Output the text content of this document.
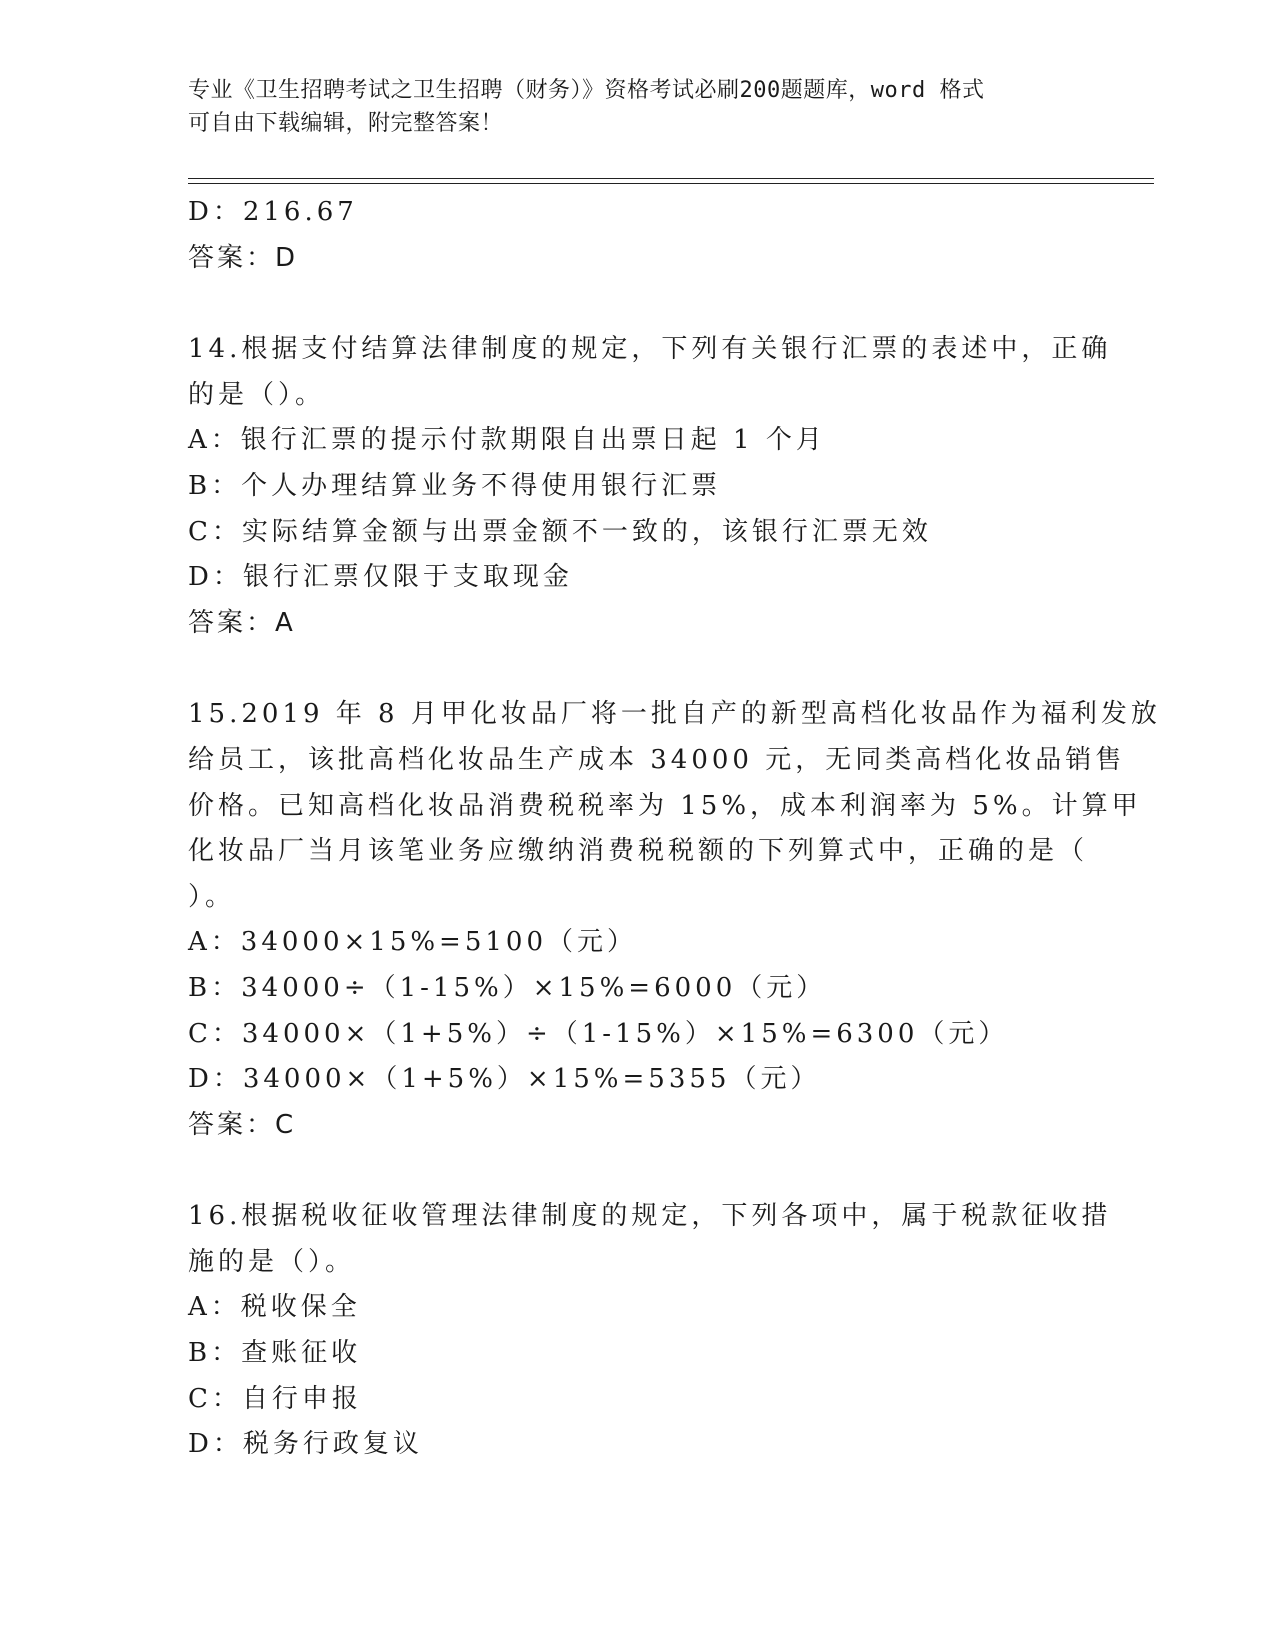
专业《卫生招聘考试之卫生招聘（财务）》资格考试必刷200题题库，word 格式
可自由下载编辑，附完整答案！
D：216.67
答案：D
14.根据支付结算法律制度的规定，下列有关银行汇票的表述中，正确
的是（）。
A：银行汇票的提示付款期限自出票日起 1 个月
B：个人办理结算业务不得使用银行汇票
C：实际结算金额与出票金额不一致的，该银行汇票无效
D：银行汇票仅限于支取现金
答案：A
15.2019 年 8 月甲化妆品厂将一批自产的新型高档化妆品作为福利发放
给员工，该批高档化妆品生产成本 34000 元，无同类高档化妆品销售
价格。已知高档化妆品消费税税率为 15%，成本利润率为 5%。计算甲
化妆品厂当月该笔业务应缴纳消费税税额的下列算式中，正确的是（
）。
A：34000×15%=5100（元）
B：34000÷（1-15%）×15%=6000（元）
C：34000×（1+5%）÷（1-15%）×15%=6300（元）
D：34000×（1+5%）×15%=5355（元）
答案：C
16.根据税收征收管理法律制度的规定，下列各项中，属于税款征收措
施的是（）。
A：税收保全
B：查账征收
C：自行申报
D：税务行政复议
